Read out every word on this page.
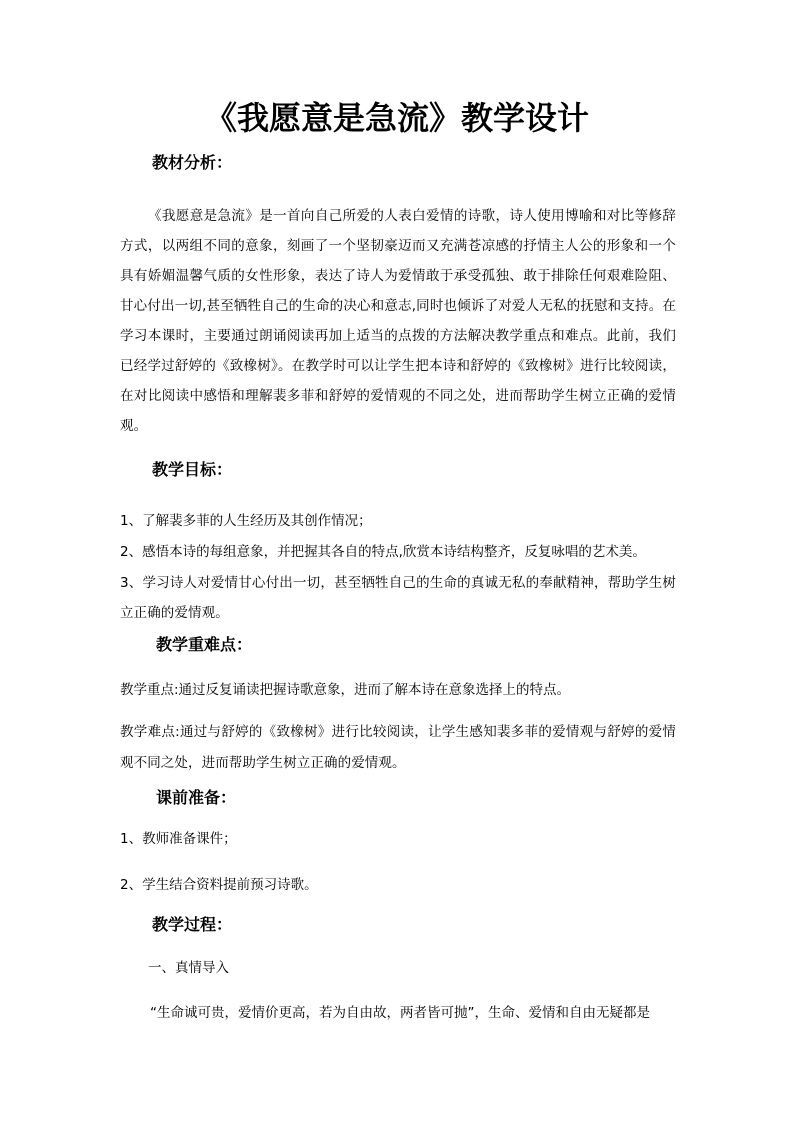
《我愿意是急流》教学设计
教材分析：
《我愿意是急流》是一首向自己所爱的人表白爱情的诗歌，诗人使用博喻和对比等修辞方式，以两组不同的意象，刻画了一个坚韧豪迈而又充满苍凉感的抒情主人公的形象和一个具有娇媚温馨气质的女性形象，表达了诗人为爱情敢于承受孤独、敢于排除任何艰难险阻、甘心付出一切,甚至牺牲自己的生命的决心和意志,同时也倾诉了对爱人无私的抚慰和支持。在学习本课时，主要通过朗诵阅读再加上适当的点拨的方法解决教学重点和难点。此前，我们已经学过舒婷的《致橡树》。在教学时可以让学生把本诗和舒婷的《致橡树》进行比较阅读，在对比阅读中感悟和理解裴多菲和舒婷的爱情观的不同之处，进而帮助学生树立正确的爱情观。
教学目标：
1、了解裴多菲的人生经历及其创作情况；
2、感悟本诗的每组意象，并把握其各自的特点,欣赏本诗结构整齐，反复咏唱的艺术美。
3、学习诗人对爱情甘心付出一切，甚至牺牲自己的生命的真诚无私的奉献精神，帮助学生树立正确的爱情观。
教学重难点：
教学重点:通过反复诵读把握诗歌意象，进而了解本诗在意象选择上的特点。
教学难点:通过与舒婷的《致橡树》进行比较阅读，让学生感知裴多菲的爱情观与舒婷的爱情观不同之处，进而帮助学生树立正确的爱情观。
课前准备：
1、教师准备课件；
2、学生结合资料提前预习诗歌。
教学过程：
一、真情导入
“生命诚可贵，爱情价更高，若为自由故，两者皆可抛”，生命、爱情和自由无疑都是
